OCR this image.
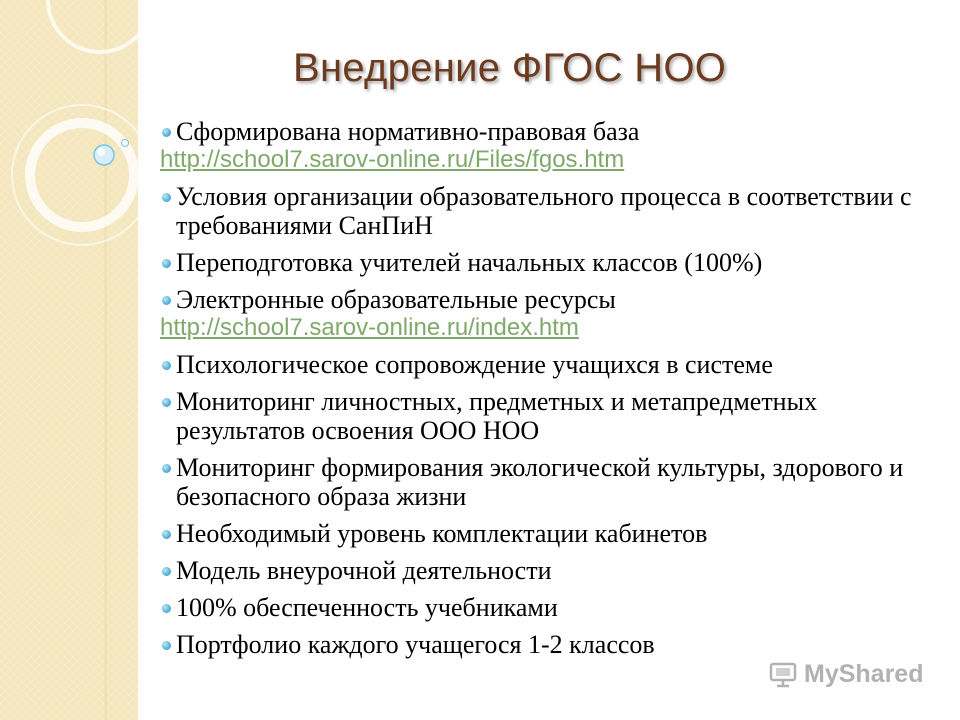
Внедрение ФГОС НОО
Сформирована нормативно-правовая база
http://school7.sarov-online.ru/Files/fgos.htm
Условия организации образовательного процесса в соответствии с требованиями СанПиН
Переподготовка учителей начальных классов (100%)
Электронные образовательные ресурсы
http://school7.sarov-online.ru/index.htm
Психологическое сопровождение учащихся в системе
Мониторинг личностных, предметных и метапредметных результатов освоения ООО НОО
Мониторинг формирования экологической культуры, здорового и безопасного образа жизни
Необходимый уровень комплектации кабинетов
Модель внеурочной деятельности
100% обеспеченность учебниками
Портфолио каждого учащегося 1-2 классов
MyShared
